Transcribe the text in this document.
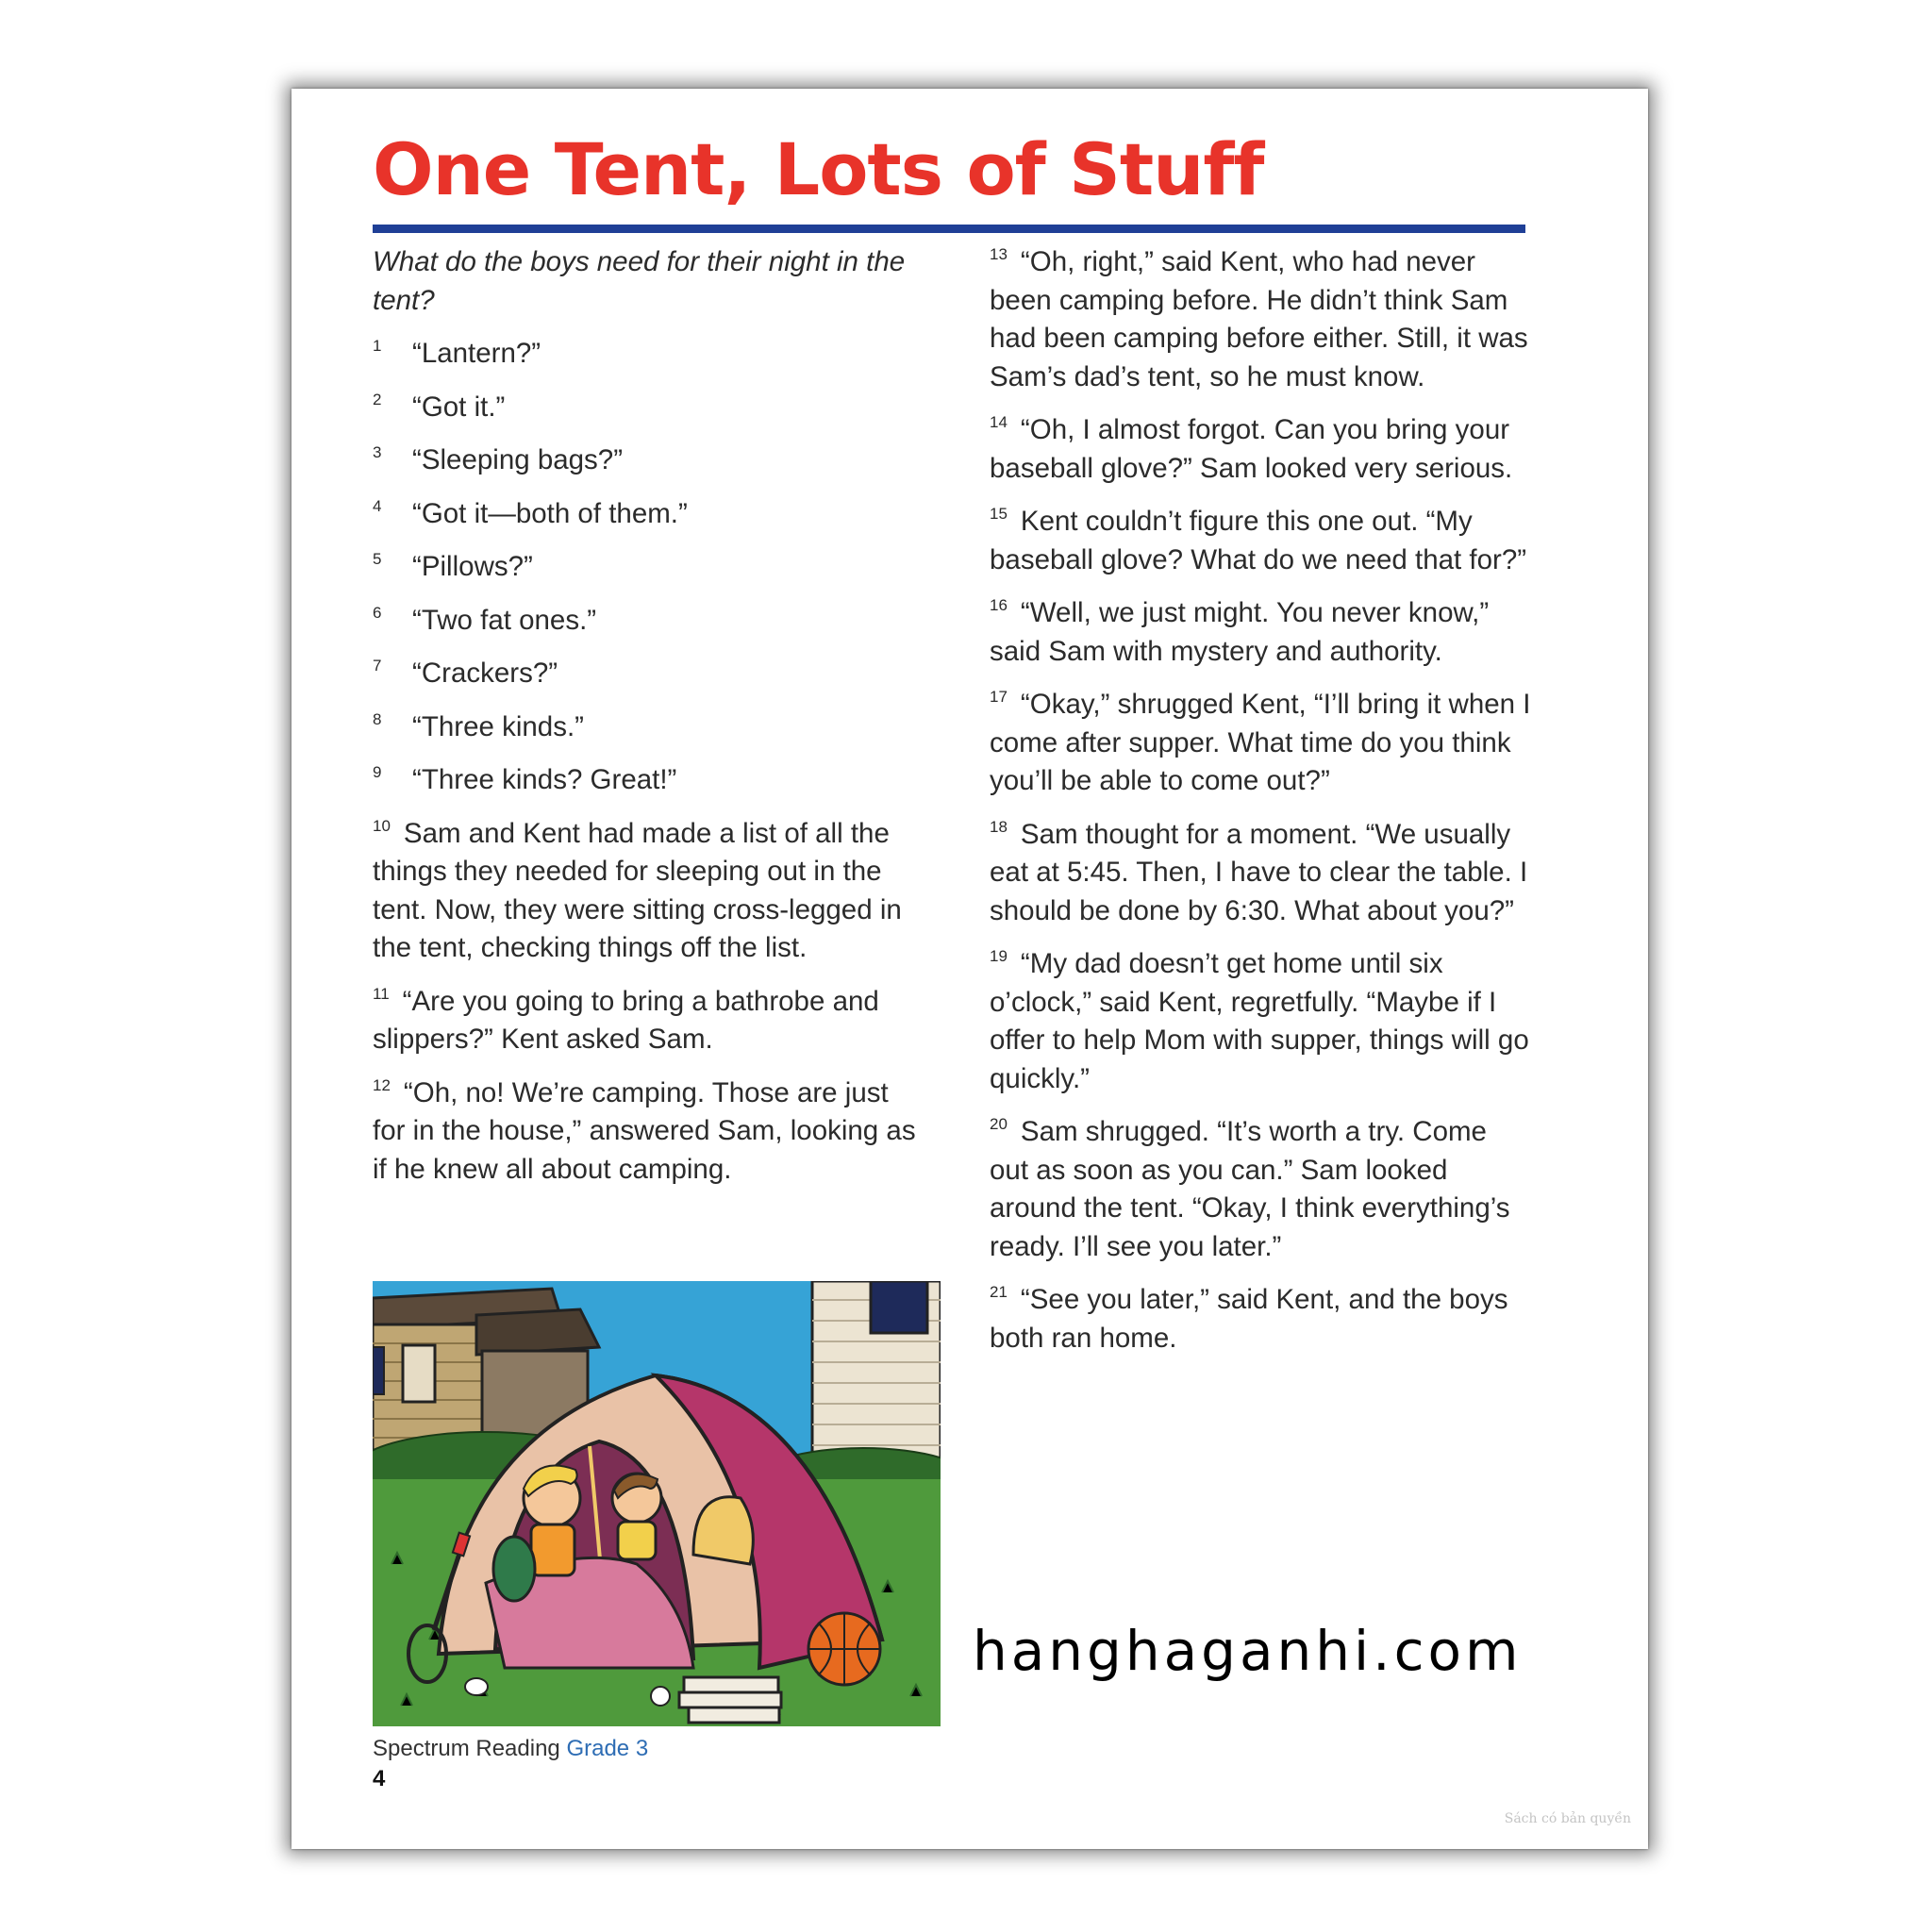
One Tent, Lots of Stuff

What do the boys need for their night in the tent?

1 “Lantern?”
2 “Got it.”
3 “Sleeping bags?”
4 “Got it—both of them.”
5 “Pillows?”
6 “Two fat ones.”
7 “Crackers?”
8 “Three kinds.”
9 “Three kinds? Great!”
10 Sam and Kent had made a list of all the things they needed for sleeping out in the tent. Now, they were sitting cross-legged in the tent, checking things off the list.
11 “Are you going to bring a bathrobe and slippers?” Kent asked Sam.
12 “Oh, no! We’re camping. Those are just for in the house,” answered Sam, looking as if he knew all about camping.
13 “Oh, right,” said Kent, who had never been camping before. He didn’t think Sam had been camping before either. Still, it was Sam’s dad’s tent, so he must know.
14 “Oh, I almost forgot. Can you bring your baseball glove?” Sam looked very serious.
15 Kent couldn’t figure this one out. “My baseball glove? What do we need that for?”
16 “Well, we just might. You never know,” said Sam with mystery and authority.
17 “Okay,” shrugged Kent, “I’ll bring it when I come after supper. What time do you think you’ll be able to come out?”
18 Sam thought for a moment. “We usually eat at 5:45. Then, I have to clear the table. I should be done by 6:30. What about you?”
19 “My dad doesn’t get home until six o’clock,” said Kent, regretfully. “Maybe if I offer to help Mom with supper, things will go quickly.”
20 Sam shrugged. “It’s worth a try. Come out as soon as you can.” Sam looked around the tent. “Okay, I think everything’s ready. I’ll see you later.”
21 “See you later,” said Kent, and the boys both ran home.
Spectrum Reading Grade 3
4
hanghaganhi.com
Sách có bản quyền
